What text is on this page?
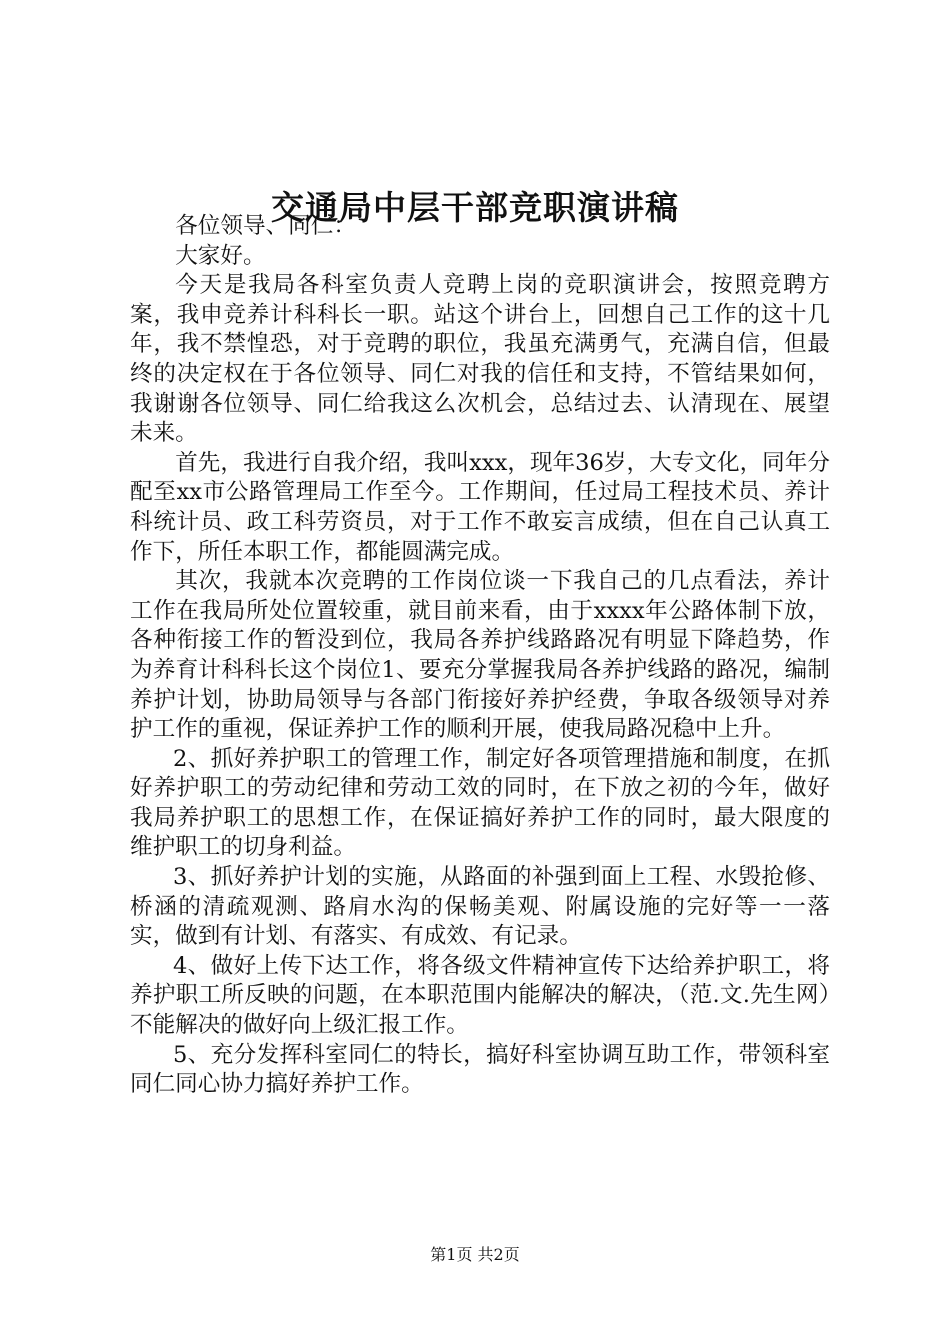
交通局中层干部竞职演讲稿

各位领导、同仁：

大家好。

今天是我局各科室负责人竞聘上岗的竞职演讲会，按照竞聘方案，我申竞养计科科长一职。站这个讲台上，回想自己工作的这十几年，我不禁惶恐，对于竞聘的职位，我虽充满勇气，充满自信，但最终的决定权在于各位领导、同仁对我的信任和支持，不管结果如何，我谢谢各位领导、同仁给我这么次机会，总结过去、认清现在、展望未来。

首先，我进行自我介绍，我叫xxx，现年36岁，大专文化，同年分配至xx市公路管理局工作至今。工作期间，任过局工程技术员、养计科统计员、政工科劳资员，对于工作不敢妄言成绩，但在自己认真工作下，所任本职工作，都能圆满完成。

其次，我就本次竞聘的工作岗位谈一下我自己的几点看法，养计工作在我局所处位置较重，就目前来看，由于xxxx年公路体制下放，各种衔接工作的暂没到位，我局各养护线路路况有明显下降趋势，作为养育计科科长这个岗位1、要充分掌握我局各养护线路的路况，编制养护计划，协助局领导与各部门衔接好养护经费，争取各级领导对养护工作的重视，保证养护工作的顺利开展，使我局路况稳中上升。

2、抓好养护职工的管理工作，制定好各项管理措施和制度，在抓好养护职工的劳动纪律和劳动工效的同时，在下放之初的今年，做好我局养护职工的思想工作，在保证搞好养护工作的同时，最大限度的维护职工的切身利益。

3、抓好养护计划的实施，从路面的补强到面上工程、水毁抢修、桥涵的清疏观测、路肩水沟的保畅美观、附属设施的完好等一一落实，做到有计划、有落实、有成效、有记录。

4、做好上传下达工作，将各级文件精神宣传下达给养护职工，将养护职工所反映的问题，在本职范围内能解决的解决，（范.文.先生网）不能解决的做好向上级汇报工作。

5、充分发挥科室同仁的特长，搞好科室协调互助工作，带领科室同仁同心协力搞好养护工作。

第1页 共2页
